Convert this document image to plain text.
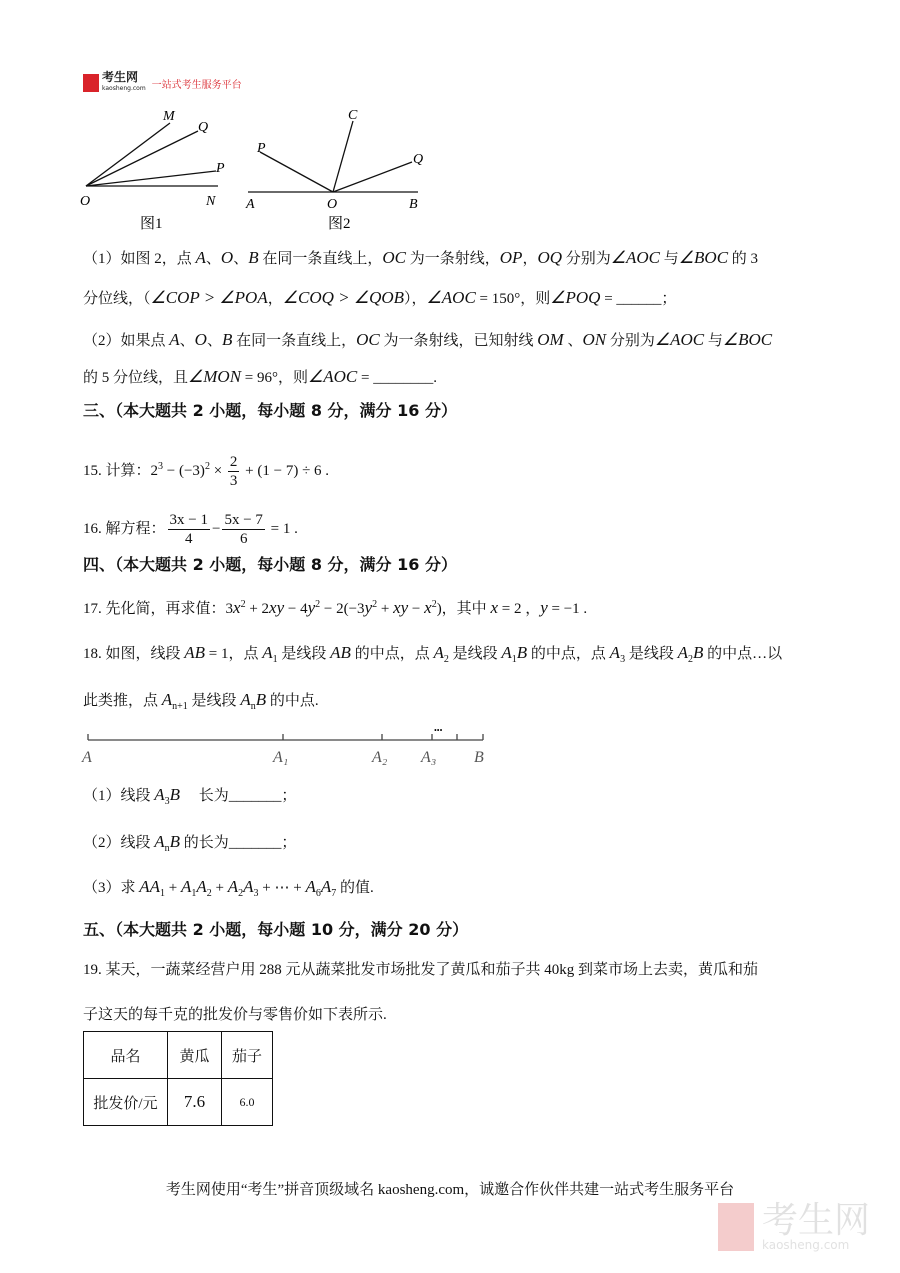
考生网
kaosheng.com 一站式考生服务平台
M
Q
P
O	N
图1
C
P
Q
A	O	B
图2
（1）如图 2，点 A、O、B 在同一条直线上，OC 为一条射线，OP，OQ 分别为∠AOC 与∠BOC 的 3
分位线，（∠COP > ∠POA，∠COQ > ∠QOB），∠AOC = 150°，则∠POQ = ______；
（2）如果点 A、O、B 在同一条直线上，OC 为一条射线，已知射线 OM 、ON 分别为∠AOC 与∠BOC
的 5 分位线，且∠MON = 96°，则∠AOC = ________.
三、（本大题共 2 小题，每小题 8 分，满分 16 分）
15. 计算：$2^3 - (-3)^2 \times \frac{2}{3} + (1 - 7) \div 6$ .
16. 解方程： $\frac{3x - 1}{4} - \frac{5x - 7}{6} = 1$ .
四、（本大题共 2 小题，每小题 8 分，满分 16 分）
17. 先化简，再求值：$3x^2 + 2xy - 4y^2 - 2(-3y^2$ + xy − $x^2$)，其中 x = 2 ，y = −1 .
18. 如图，线段 AB = 1，点 $A_1$ 是线段 AB 的中点，点 $A_2$ 是线段 $A_1B$ 的中点，点 $A_3$ 是线段 $A_2B$ 的中点…以
此类推，点 $A_{n+1}$ 是线段 $A_nB$ 的中点.
（1）线段 $A_3B$　 长为_______；
（2）线段 $A_nB$ 的长为_______；
（3）求 $AA_1 + A_1A_2 + A_2A_3$ + ⋯ + $A_6A_7$ 的值.
五、（本大题共 2 小题，每小题 10 分，满分 20 分）
19. 某天，一蔬菜经营户用 288 元从蔬菜批发市场批发了黄瓜和茄子共 40kg 到菜市场上去卖，黄瓜和茄
子这天的每千克的批发价与零售价如下表所示.
•••
A	A₁	A₂ A₃ B
品名	黄瓜	茄子
批发价/元	7.6	6.0
考生网使用“考生”拼音顶级域名 kaosheng.com，诚邀合作伙伴共建一站式考生服务平台
考生网
kaosheng.com
